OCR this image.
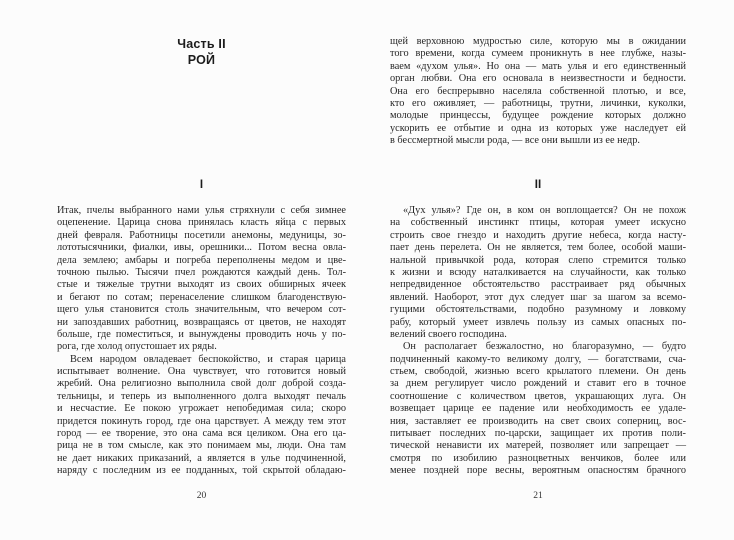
Часть II
РОЙ
I
Итак, пчелы выбранного нами улья стряхнули с себя зимнее
оцепенение. Царица снова принялась класть яйца с первых
дней февраля. Работницы посетили анемоны, медуницы, зо-
лототысячники, фиалки, ивы, орешники... Потом весна овла-
дела землею; амбары и погреба переполнены медом и цве-
точною пылью. Тысячи пчел рождаются каждый день. Тол-
стые и тяжелые трутни выходят из своих обширных ячеек
и бегают по сотам; перенаселение слишком благоденствую-
щего улья становится столь значительным, что вечером сот-
ни запоздавших работниц, возвращаясь от цветов, не находят
больше, где поместиться, и вынуждены проводить ночь у по-
рога, где холод опустошает их ряды.
Всем народом овладевает беспокойство, и старая царица
испытывает волнение. Она чувствует, что готовится новый
жребий. Она религиозно выполнила свой долг доброй созда-
тельницы, и теперь из выполненного долга выходят печаль
и несчастие. Ее покою угрожает непобедимая сила; скоро
придется покинуть город, где она царствует. А между тем этот
город — ее творение, это она сама вся целиком. Она его ца-
рица не в том смысле, как это понимаем мы, люди. Она там
не дает никаких приказаний, а является в улье подчиненной,
наряду с последним из ее подданных, той скрытой обладаю-
20
щей верховною мудростью силе, которую мы в ожидании
того времени, когда сумеем проникнуть в нее глубже, назы-
ваем «духом улья». Но она — мать улья и его единственный
орган любви. Она его основала в неизвестности и бедности.
Она его беспрерывно населяла собственной плотью, и все,
кто его оживляет, — работницы, трутни, личинки, куколки,
молодые принцессы, будущее рождение которых должно
ускорить ее отбытие и одна из которых уже наследует ей
в бессмертной мысли рода, — все они вышли из ее недр.
II
«Дух улья»? Где он, в ком он воплощается? Он не похож
на собственный инстинкт птицы, которая умеет искусно
строить свое гнездо и находить другие небеса, когда насту-
пает день перелета. Он не является, тем более, особой маши-
нальной привычкой рода, которая слепо стремится только
к жизни и всюду наталкивается на случайности, как только
непредвиденное обстоятельство расстраивает ряд обычных
явлений. Наоборот, этот дух следует шаг за шагом за всемо-
гущими обстоятельствами, подобно разумному и ловкому
рабу, который умеет извлечь пользу из самых опасных по-
велений своего господина.
Он располагает безжалостно, но благоразумно, — будто
подчиненный какому-то великому долгу, — богатствами, сча-
стьем, свободой, жизнью всего крылатого племени. Он день
за днем регулирует число рождений и ставит его в точное
соотношение с количеством цветов, украшающих луга. Он
возвещает царице ее падение или необходимость ее удале-
ния, заставляет ее производить на свет своих соперниц, вос-
питывает последних по-царски, защищает их против поли-
тической ненависти их матерей, позволяет или запрещает —
смотря по изобилию разноцветных венчиков, более или
менее поздней поре весны, вероятным опасностям брачного
21
